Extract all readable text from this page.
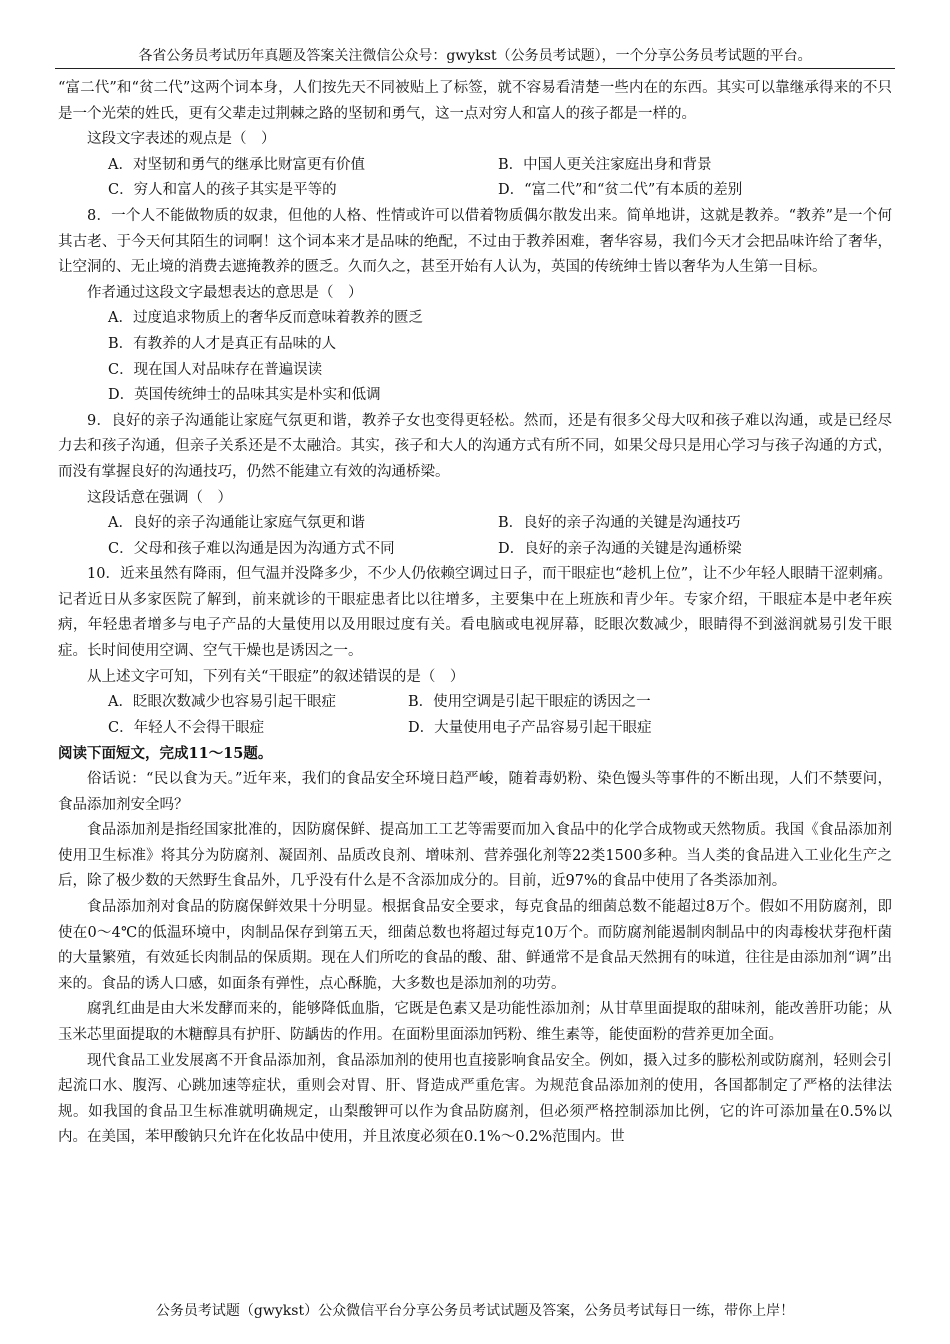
各省公务员考试历年真题及答案关注微信公众号：gwykst（公务员考试题），一个分享公务员考试题的平台。

“富二代”和“贫二代”这两个词本身，人们按先天不同被贴上了标签，就不容易看清楚一些内在的东西。其实可以靠继承得来的不只是一个光荣的姓氏，更有父辈走过荆棘之路的坚韧和勇气，这一点对穷人和富人的孩子都是一样的。

这段文字表述的观点是（　）

A．对坚韧和勇气的继承比财富更有价值	B．中国人更关注家庭出身和背景
C．穷人和富人的孩子其实是平等的	D．“富二代”和“贫二代”有本质的差别

8．一个人不能做物质的奴隶，但他的人格、性情或许可以借着物质偶尔散发出来。简单地讲，这就是教养。“教养”是一个何其古老、于今天何其陌生的词啊！这个词本来才是品味的绝配，不过由于教养困难，奢华容易，我们今天才会把品味许给了奢华，让空洞的、无止境的消费去遮掩教养的匮乏。久而久之，甚至开始有人认为，英国的传统绅士皆以奢华为人生第一目标。

作者通过这段文字最想表达的意思是（　）

A．过度追求物质上的奢华反而意味着教养的匮乏

B．有教养的人才是真正有品味的人

C．现在国人对品味存在普遍误读

D．英国传统绅士的品味其实是朴实和低调

9．良好的亲子沟通能让家庭气氛更和谐，教养子女也变得更轻松。然而，还是有很多父母大叹和孩子难以沟通，或是已经尽力去和孩子沟通，但亲子关系还是不太融洽。其实，孩子和大人的沟通方式有所不同，如果父母只是用心学习与孩子沟通的方式，而没有掌握良好的沟通技巧，仍然不能建立有效的沟通桥梁。

这段话意在强调（　）

A．良好的亲子沟通能让家庭气氛更和谐	B．良好的亲子沟通的关键是沟通技巧
C．父母和孩子难以沟通是因为沟通方式不同	D．良好的亲子沟通的关键是沟通桥梁

10．近来虽然有降雨，但气温并没降多少，不少人仍依赖空调过日子，而干眼症也“趁机上位”，让不少年轻人眼睛干涩刺痛。记者近日从多家医院了解到，前来就诊的干眼症患者比以往增多，主要集中在上班族和青少年。专家介绍，干眼症本是中老年疾病，年轻患者增多与电子产品的大量使用以及用眼过度有关。看电脑或电视屏幕，眨眼次数减少，眼睛得不到滋润就易引发干眼症。长时间使用空调、空气干燥也是诱因之一。

从上述文字可知，下列有关“干眼症”的叙述错误的是（　）

A．眨眼次数减少也容易引起干眼症	B．使用空调是引起干眼症的诱因之一
C．年轻人不会得干眼症	D．大量使用电子产品容易引起干眼症

阅读下面短文，完成11～15题。

俗话说：“民以食为天。”近年来，我们的食品安全环境日趋严峻，随着毒奶粉、染色馒头等事件的不断出现，人们不禁要问，食品添加剂安全吗？

食品添加剂是指经国家批准的，因防腐保鲜、提高加工工艺等需要而加入食品中的化学合成物或天然物质。我国《食品添加剂使用卫生标准》将其分为防腐剂、凝固剂、品质改良剂、增味剂、营养强化剂等22类1500多种。当人类的食品进入工业化生产之后，除了极少数的天然野生食品外，几乎没有什么是不含添加成分的。目前，近97%的食品中使用了各类添加剂。

食品添加剂对食品的防腐保鲜效果十分明显。根据食品安全要求，每克食品的细菌总数不能超过8万个。假如不用防腐剂，即使在0～4℃的低温环境中，肉制品保存到第五天，细菌总数也将超过每克10万个。而防腐剂能遏制肉制品中的肉毒梭状芽孢杆菌的大量繁殖，有效延长肉制品的保质期。现在人们所吃的食品的酸、甜、鲜通常不是食品天然拥有的味道，往往是由添加剂“调”出来的。食品的诱人口感，如面条有弹性，点心酥脆，大多数也是添加剂的功劳。

腐乳红曲是由大米发酵而来的，能够降低血脂，它既是色素又是功能性添加剂；从甘草里面提取的甜味剂，能改善肝功能；从玉米芯里面提取的木糖醇具有护肝、防龋齿的作用。在面粉里面添加钙粉、维生素等，能使面粉的营养更加全面。

现代食品工业发展离不开食品添加剂，食品添加剂的使用也直接影响食品安全。例如，摄入过多的膨松剂或防腐剂，轻则会引起流口水、腹泻、心跳加速等症状，重则会对胃、肝、肾造成严重危害。为规范食品添加剂的使用，各国都制定了严格的法律法规。如我国的食品卫生标准就明确规定，山梨酸钾可以作为食品防腐剂，但必须严格控制添加比例，它的许可添加量在0.5%以内。在美国，苯甲酸钠只允许在化妆品中使用，并且浓度必须在0.1%～0.2%范围内。世

公务员考试题（gwykst）公众微信平台分享公务员考试试题及答案，公务员考试每日一练，带你上岸！
